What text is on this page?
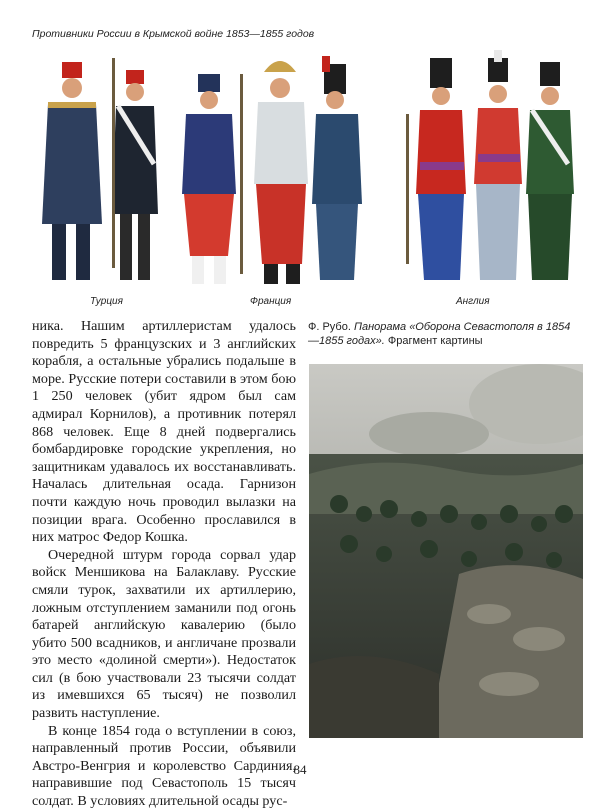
Противники России в Крымской войне 1853—1855 годов
Турция	Франция	Англия

ника. Нашим артиллеристам удалось повредить 5 французских и 3 английских корабля, а остальные убрались подальше в море. Русские потери составили в этом бою 1 250 человек (убит ядром был сам адмирал Корнилов), а противник потерял 868 человек. Еще 8 дней подвергались бомбардировке городские укрепления, но защитникам удавалось их восстанавливать. Началась длительная осада. Гарнизон почти каждую ночь проводил вылазки на позиции врага. Особенно прославился в них матрос Федор Кошка.

Очередной штурм города сорвал удар войск Меншикова на Балаклаву. Русские смяли турок, захватили их артиллерию, ложным отступлением заманили под огонь батарей английскую кавалерию (было убито 500 всадников, и англичане прозвали это место «долиной смерти»). Недостаток сил (в бою участвовали 23 тысячи солдат из имевшихся 65 тысяч) не позволил развить наступление.

В конце 1854 года о вступлении в союз, направленный против России, объявили Австро-Венгрия и королевство Сардиния, направившие под Севастополь 15 тысяч солдат. В условиях длительной осады рус-

Ф. Рубо. Панорама «Оборона Севастополя в 1854—1855 годах». Фрагмент картины
84
